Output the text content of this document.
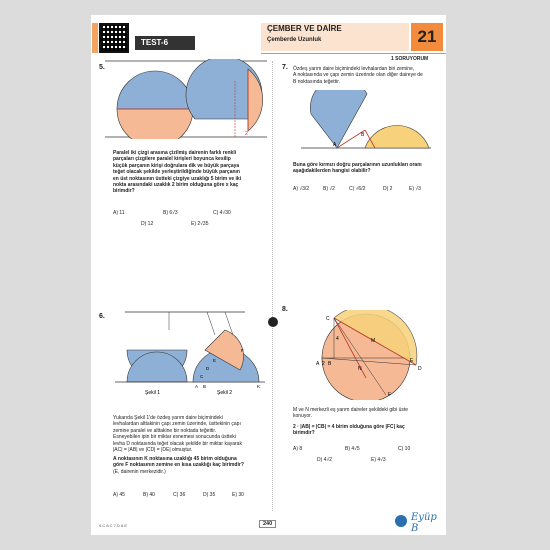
TEST-6
ÇEMBER VE DAİRE
Çemberde Uzunluk	21
1 SORUYORUM
5.
2
Paralel iki çizgi arasına çizilmiş dairenin farklı renkli
parçaları çizgilere paralel kirişleri boyunca kesilip
küçük parçanın kirişi doğrulara dik ve büyük parçaya
teğet olacak şekilde yerleştirildiğinde büyük parçanın
en üst noktasının üstteki çizgiye uzaklığı 5 birim ve iki
nokta arasındaki uzaklık 2 birim olduğuna göre x kaç
birimdir?
A) 11	B) 6√3	C) 4√30
D) 12	E) 2√35
7. Özdeş yarım daire biçimindeki levhalardan biri zemine,
A noktasında ve çapı zemin üzerinde olan diğer daireye de
B noktasında teğettir.
A
B
Buna göre kırmızı doğru parçalarının uzunlukları oranı
aşağıdakilerden hangisi olabilir?
A) √3/2	B) √2	C) √6/2	D) 2	E) √3
6.
Şekil 1	Şekil 2
A B
C
D
E
F
K
Yukarıda Şekil 1'de özdeş yarım daire biçimindeki
levhalardan alttakinin çapı zemin üzerinde, üsttekinin çapı
zemine paralel ve alttakine bir noktada teğettir.
Esneyebilen ipin bir miktar esnemesi sonucunda üstteki
levha D noktasında teğet olacak şekilde bir miktar kayarak
|AC| = |AB| ve |CD| = |DE| olmuştur.
A noktasının K noktasına uzaklığı 45 birim olduğuna
göre F noktasının zemine en kısa uzaklığı kaç birimdir?
(E, dairenin merkezidir.)
A) 45	B) 40	C) 36	D) 35	E) 30
8.
C
M
A 2 B
N
E
D
F
4
M ve N merkezli eş yarım daireler şekildeki gibi üste
konuyor.
2 · |AB| = |CB| = 4 birim olduğuna göre |FC| kaç
birimdir?
A) 8	B) 4√5	C) 10
D) 4√2	E) 4√3
9.C 8.C 7.D 6.E	240
Eyüp B
